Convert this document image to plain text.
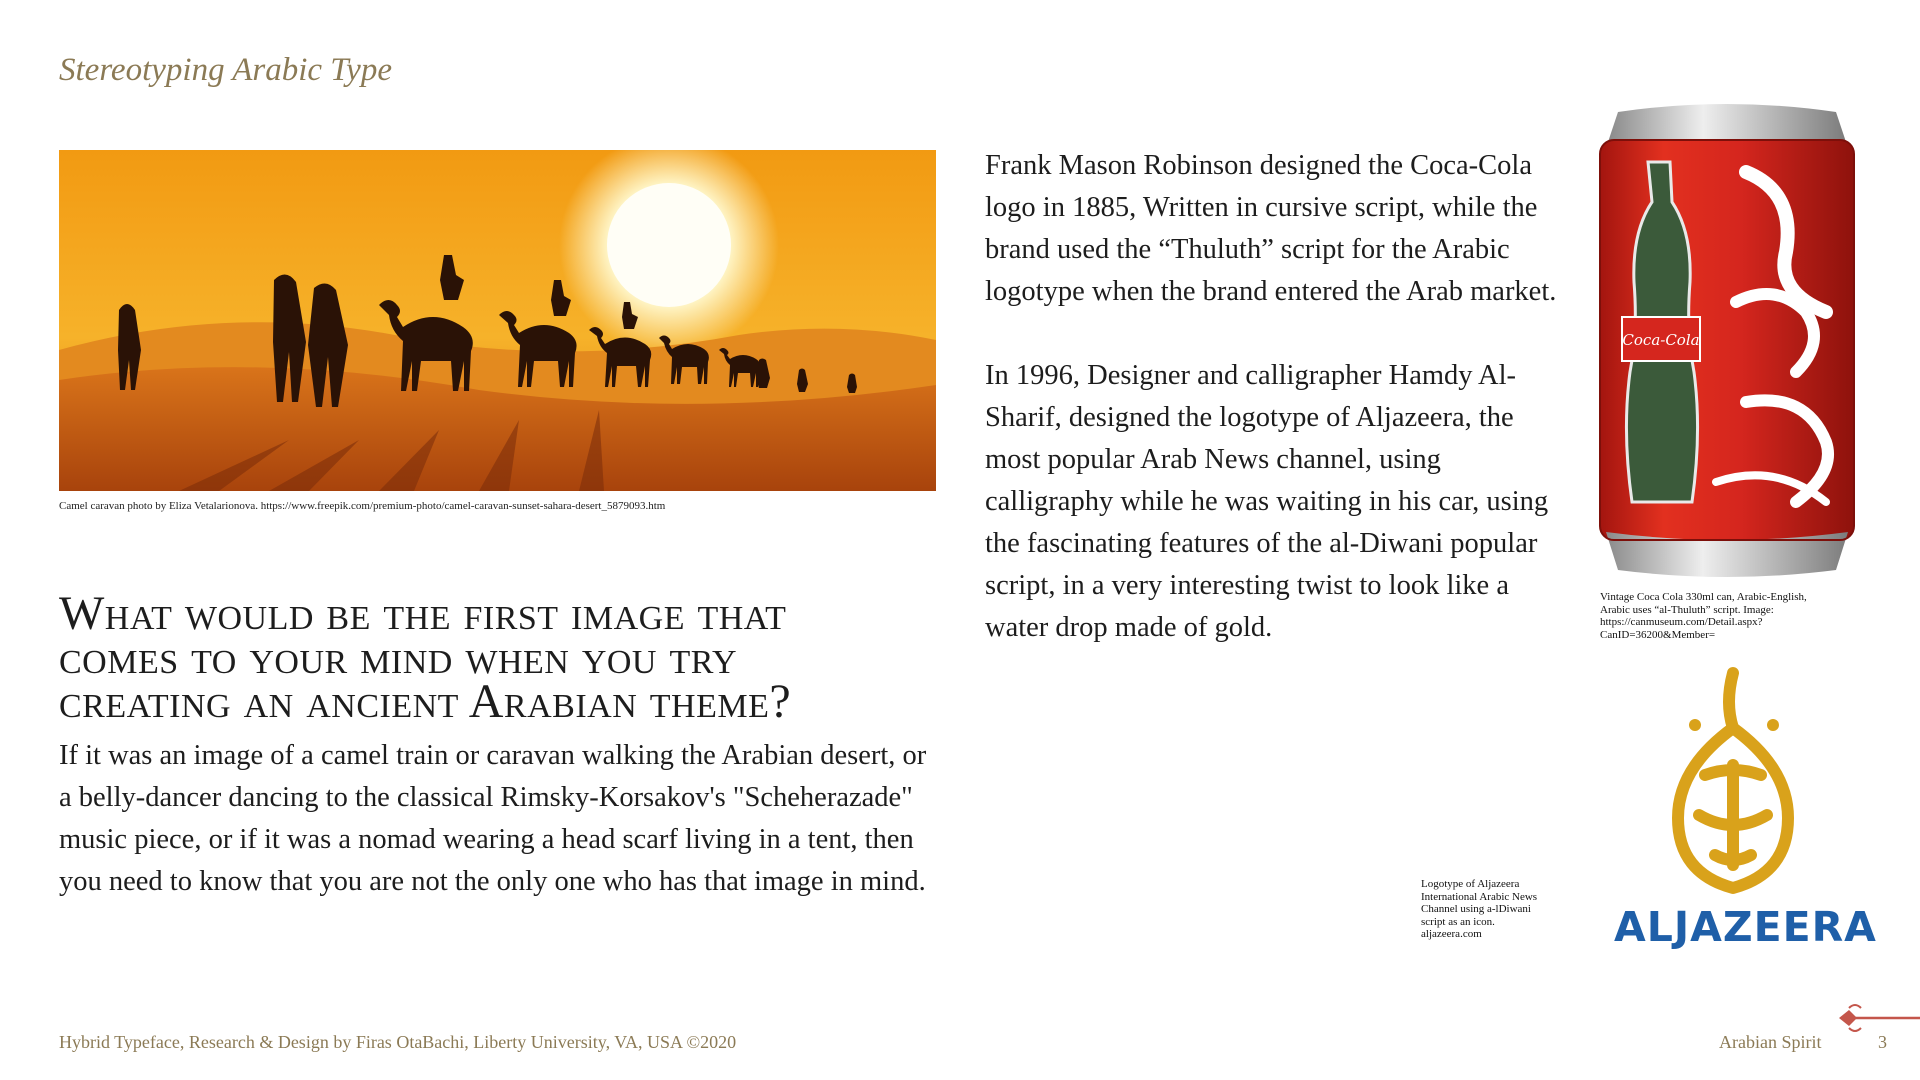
Stereotyping Arabic Type
Camel caravan photo by Eliza Vetalarionova. https://www.freepik.com/premium-photo/camel-caravan-sunset-sahara-desert_5879093.htm
What would be the first image that comes to your mind when you try creating an ancient Arabian theme?
If it was an image of a camel train or caravan walking the Arabian desert, or a belly-dancer dancing to the classical Rimsky-Korsakov's "Scheherazade" music piece, or if it was a nomad wearing a head scarf living in a tent, then you need to know that you are not the only one who has that image in mind.

Frank Mason Robinson designed the Coca-Cola logo in 1885, Written in cursive script, while the brand used the “Thuluth” script for the Arabic logotype when the brand entered the Arab market.

In 1996, Designer and calligrapher Hamdy Al-Sharif, designed the logotype of Aljazeera, the most popular Arab News channel, using calligraphy while he was waiting in his car, using the fascinating features of the al-Diwani popular script, in a very interesting twist to look like a water drop made of gold.

Coca-Cola
Vintage Coca Cola 330ml can, Arabic-English, Arabic uses “al-Thuluth” script. Image: https://canmuseum.com/Detail.aspx?CanID=36200&Member=
Logotype of Aljazeera International Arabic News Channel using a-lDiwani script as an icon. aljazeera.com	ALJAZEERA
Hybrid Typeface, Research & Design by Firas OtaBachi, Liberty University, VA, USA ©2020	Arabian Spirit	3
